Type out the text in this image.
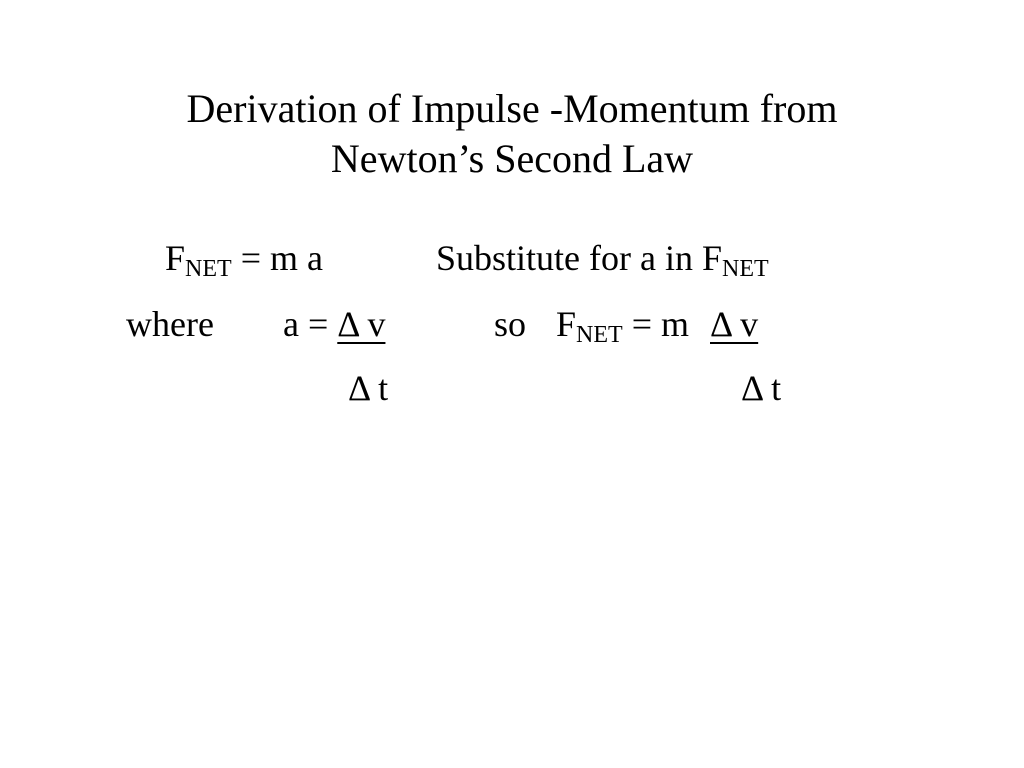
Derivation of Impulse -Momentum from
Newton’s Second Law
$F_{NET} = m$ a	Substitute for a in $F_{NET}$
where a = Δ v	so $F_{NET} = m$ Δ v
Δ t	Δ t
